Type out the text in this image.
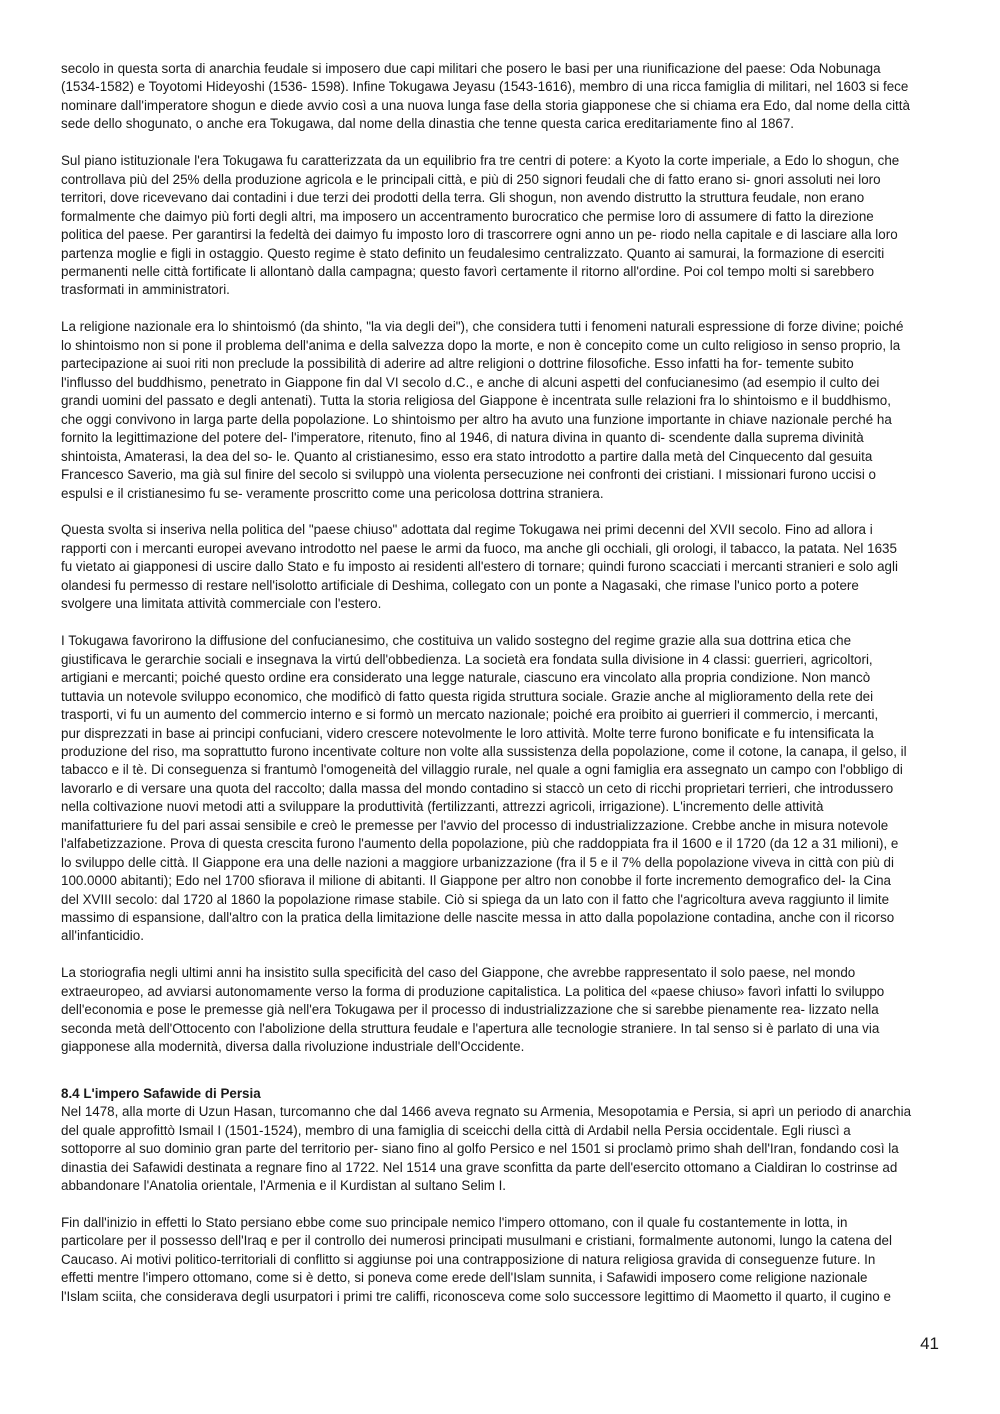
secolo in questa sorta di anarchia feudale si imposero due capi militari che posero le basi per una riunificazione del paese: Oda Nobunaga
(1534-1582) e Toyotomi Hideyoshi (1536- 1598). Infine Tokugawa Jeyasu (1543-1616), membro di una ricca famiglia di militari, nel 1603 si fece
nominare dall'imperatore shogun e diede avvio così a una nuova lunga fase della storia giapponese che si chiama era Edo, dal nome della città
sede dello shogunato, o anche era Tokugawa, dal nome della dinastia che tenne questa carica ereditariamente fino al 1867.

Sul piano istituzionale l'era Tokugawa fu caratterizzata da un equilibrio fra tre centri di potere: a Kyoto la corte imperiale, a Edo lo shogun, che
controllava più del 25% della produzione agricola e le principali città, e più di 250 signori feudali che di fatto erano si- gnori assoluti nei loro
territori, dove ricevevano dai contadini i due terzi dei prodotti della terra. Gli shogun, non avendo distrutto la struttura feudale, non erano
formalmente che daimyo più forti degli altri, ma imposero un accentramento burocratico che permise loro di assumere di fatto la direzione
politica del paese. Per garantirsi la fedeltà dei daimyo fu imposto loro di trascorrere ogni anno un pe- riodo nella capitale e di lasciare alla loro
partenza moglie e figli in ostaggio. Questo regime è stato definito un feudalesimo centralizzato. Quanto ai samurai, la formazione di eserciti
permanenti nelle città fortificate li allontanò dalla campagna; questo favorì certamente il ritorno all'ordine. Poi col tempo molti si sarebbero
trasformati in amministratori.

La religione nazionale era lo shintoismó (da shinto, "la via degli dei"), che considera tutti i fenomeni naturali espressione di forze divine; poiché
lo shintoismo non si pone il problema dell'anima e della salvezza dopo la morte, e non è concepito come un culto religioso in senso proprio, la
partecipazione ai suoi riti non preclude la possibilità di aderire ad altre religioni o dottrine filosofiche. Esso infatti ha for- temente subito
l'influsso del buddhismo, penetrato in Giappone fin dal VI secolo d.C., e anche di alcuni aspetti del confucianesimo (ad esempio il culto dei
grandi uomini del passato e degli antenati). Tutta la storia religiosa del Giappone è incentrata sulle relazioni fra lo shintoismo e il buddhismo,
che oggi convivono in larga parte della popolazione. Lo shintoismo per altro ha avuto una funzione importante in chiave nazionale perché ha
fornito la legittimazione del potere del- l'imperatore, ritenuto, fino al 1946, di natura divina in quanto di- scendente dalla suprema divinità
shintoista, Amaterasi, la dea del so- le. Quanto al cristianesimo, esso era stato introdotto a partire dalla metà del Cinquecento dal gesuita
Francesco Saverio, ma già sul finire del secolo si sviluppò una violenta persecuzione nei confronti dei cristiani. I missionari furono uccisi o
espulsi e il cristianesimo fu se- veramente proscritto come una pericolosa dottrina straniera.

Questa svolta si inseriva nella politica del "paese chiuso" adottata dal regime Tokugawa nei primi decenni del XVII secolo. Fino ad allora i
rapporti con i mercanti europei avevano introdotto nel paese le armi da fuoco, ma anche gli occhiali, gli orologi, il tabacco, la patata. Nel 1635
fu vietato ai giapponesi di uscire dallo Stato e fu imposto ai residenti all'estero di tornare; quindi furono scacciati i mercanti stranieri e solo agli
olandesi fu permesso di restare nell'isolotto artificiale di Deshima, collegato con un ponte a Nagasaki, che rimase l'unico porto a potere
svolgere una limitata attività commerciale con l'estero.

I Tokugawa favorirono la diffusione del confucianesimo, che costituiva un valido sostegno del regime grazie alla sua dottrina etica che
giustificava le gerarchie sociali e insegnava la virtú dell'obbedienza. La società era fondata sulla divisione in 4 classi: guerrieri, agricoltori,
artigiani e mercanti; poiché questo ordine era considerato una legge naturale, ciascuno era vincolato alla propria condizione. Non mancò
tuttavia un notevole sviluppo economico, che modificò di fatto questa rigida struttura sociale. Grazie anche al miglioramento della rete dei
trasporti, vi fu un aumento del commercio interno e si formò un mercato nazionale; poiché era proibito ai guerrieri il commercio, i mercanti,
pur disprezzati in base ai principi confuciani, videro crescere notevolmente le loro attività. Molte terre furono bonificate e fu intensificata la
produzione del riso, ma soprattutto furono incentivate colture non volte alla sussistenza della popolazione, come il cotone, la canapa, il gelso, il
tabacco e il tè. Di conseguenza si frantumò l'omogeneità del villaggio rurale, nel quale a ogni famiglia era assegnato un campo con l'obbligo di
lavorarlo e di versare una quota del raccolto; dalla massa del mondo contadino si staccò un ceto di ricchi proprietari terrieri, che introdussero
nella coltivazione nuovi metodi atti a sviluppare la produttività (fertilizzanti, attrezzi agricoli, irrigazione). L'incremento delle attività
manifatturiere fu del pari assai sensibile e creò le premesse per l'avvio del processo di industrializzazione. Crebbe anche in misura notevole
l'alfabetizzazione. Prova di questa crescita furono l'aumento della popolazione, più che raddoppiata fra il 1600 e il 1720 (da 12 a 31 milioni), e
lo sviluppo delle città. Il Giappone era una delle nazioni a maggiore urbanizzazione (fra il 5 e il 7% della popolazione viveva in città con più di
100.0000 abitanti); Edo nel 1700 sfiorava il milione di abitanti. Il Giappone per altro non conobbe il forte incremento demografico del- la Cina
del XVIII secolo: dal 1720 al 1860 la popolazione rimase stabile. Ciò si spiega da un lato con il fatto che l'agricoltura aveva raggiunto il limite
massimo di espansione, dall'altro con la pratica della limitazione delle nascite messa in atto dalla popolazione contadina, anche con il ricorso
all'infanticidio.

La storiografia negli ultimi anni ha insistito sulla specificità del caso del Giappone, che avrebbe rappresentato il solo paese, nel mondo
extraeuropeo, ad avviarsi autonomamente verso la forma di produzione capitalistica. La politica del «paese chiuso» favorì infatti lo sviluppo
dell'economia e pose le premesse già nell'era Tokugawa per il processo di industrializzazione che si sarebbe pienamente rea- lizzato nella
seconda metà dell'Ottocento con l'abolizione della struttura feudale e l'apertura alle tecnologie straniere. In tal senso si è parlato di una via
giapponese alla modernità, diversa dalla rivoluzione industriale dell'Occidente.

8.4 L'impero Safawide di Persia

Nel 1478, alla morte di Uzun Hasan, turcomanno che dal 1466 aveva regnato su Armenia, Mesopotamia e Persia, si aprì un periodo di anarchia
del quale approfittò Ismail I (1501-1524), membro di una famiglia di sceicchi della città di Ardabil nella Persia occidentale. Egli riuscì a
sottoporre al suo dominio gran parte del territorio per- siano fino al golfo Persico e nel 1501 si proclamò primo shah dell'Iran, fondando così la
dinastia dei Safawidi destinata a regnare fino al 1722. Nel 1514 una grave sconfitta da parte dell'esercito ottomano a Cialdiran lo costrinse ad
abbandonare l'Anatolia orientale, l'Armenia e il Kurdistan al sultano Selim I.

Fin dall'inizio in effetti lo Stato persiano ebbe come suo principale nemico l'impero ottomano, con il quale fu costantemente in lotta, in
particolare per il possesso dell'Iraq e per il controllo dei numerosi principati musulmani e cristiani, formalmente autonomi, lungo la catena del
Caucaso. Ai motivi politico-territoriali di conflitto si aggiunse poi una contrapposizione di natura religiosa gravida di conseguenze future. In
effetti mentre l'impero ottomano, come si è detto, si poneva come erede dell'Islam sunnita, i Safawidi imposero come religione nazionale
l'Islam sciita, che considerava degli usurpatori i primi tre califfi, riconosceva come solo successore legittimo di Maometto il quarto, il cugino e

41
